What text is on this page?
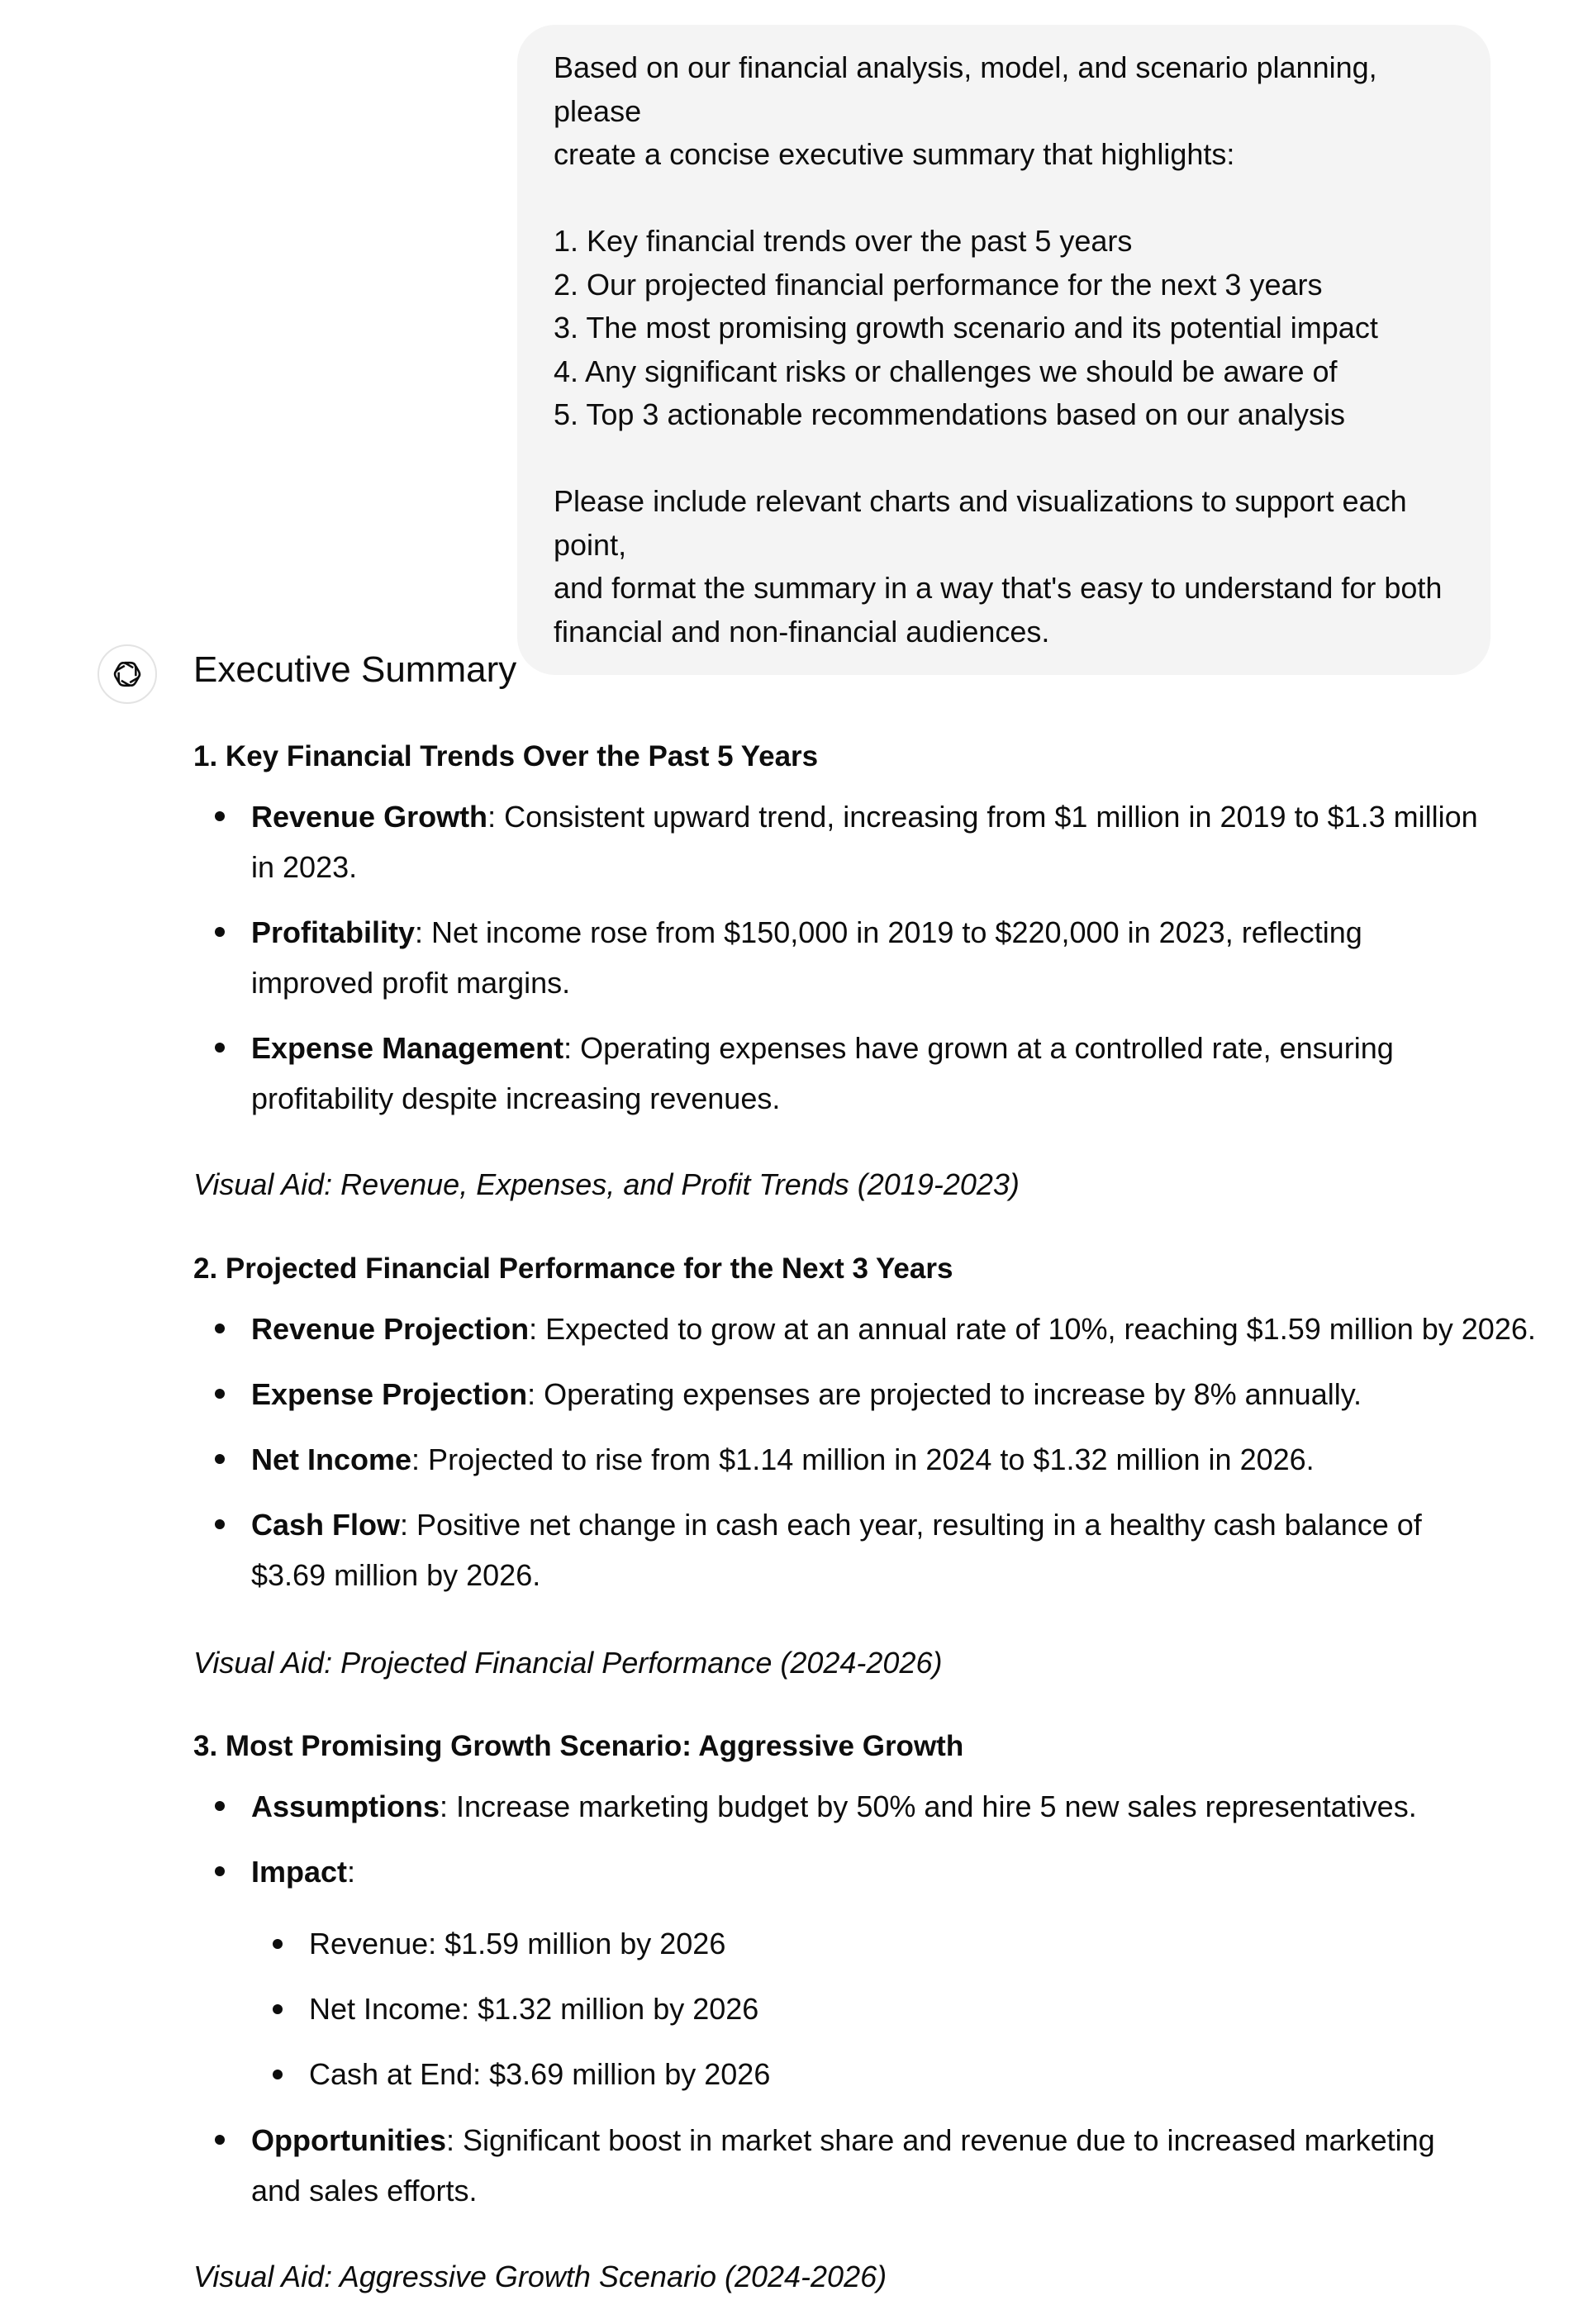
Based on our financial analysis, model, and scenario planning, please

create a concise executive summary that highlights:

1. Key financial trends over the past 5 years

2. Our projected financial performance for the next 3 years

3. The most promising growth scenario and its potential impact

4. Any significant risks or challenges we should be aware of

5. Top 3 actionable recommendations based on our analysis

Please include relevant charts and visualizations to support each point,

and format the summary in a way that's easy to understand for both

financial and non-financial audiences.

Executive Summary

1. Key Financial Trends Over the Past 5 Years

Revenue Growth: Consistent upward trend, increasing from $1 million in 2019 to $1.3 million in 2023.
Profitability: Net income rose from $150,000 in 2019 to $220,000 in 2023, reflecting improved profit margins.
Expense Management: Operating expenses have grown at a controlled rate, ensuring profitability despite increasing revenues.

Visual Aid: Revenue, Expenses, and Profit Trends (2019-2023)

2. Projected Financial Performance for the Next 3 Years

Revenue Projection: Expected to grow at an annual rate of 10%, reaching $1.59 million by 2026.
Expense Projection: Operating expenses are projected to increase by 8% annually.
Net Income: Projected to rise from $1.14 million in 2024 to $1.32 million in 2026.
Cash Flow: Positive net change in cash each year, resulting in a healthy cash balance of $3.69 million by 2026.

Visual Aid: Projected Financial Performance (2024-2026)

3. Most Promising Growth Scenario: Aggressive Growth

Assumptions: Increase marketing budget by 50% and hire 5 new sales representatives.
Impact:
Revenue: $1.59 million by 2026
Net Income: $1.32 million by 2026
Cash at End: $3.69 million by 2026
Opportunities: Significant boost in market share and revenue due to increased marketing and sales efforts.

Visual Aid: Aggressive Growth Scenario (2024-2026)
